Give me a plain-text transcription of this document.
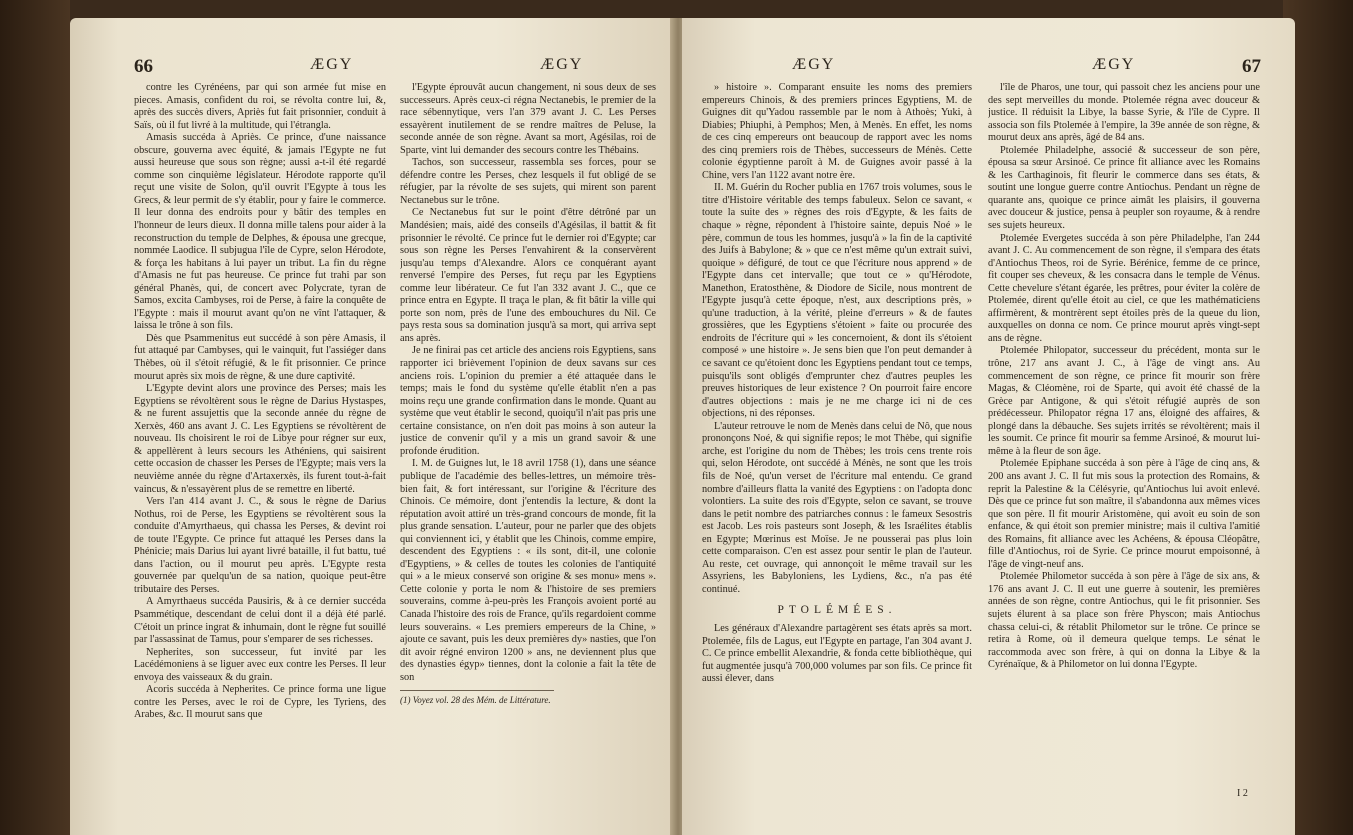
66	ÆGY	ÆGY

contre les Cyrénéens, par qui son armée fut mise en pieces. Amasis, confident du roi, se révolta contre lui, &, après des succès divers, Apriès fut fait prisonnier, conduit à Saïs, où il fut livré à la multitude, qui l'étrangla.

Amasis succéda à Apriès. Ce prince, d'une naissance obscure, gouverna avec équité, & jamais l'Egypte ne fut aussi heureuse que sous son règne; aussi a-t-il été regardé comme son cinquième législateur. Hérodote rapporte qu'il reçut une visite de Solon, qu'il ouvrit l'Egypte à tous les Grecs, & leur permit de s'y établir, pour y faire le commerce. Il leur donna des endroits pour y bâtir des temples en l'honneur de leurs dieux. Il donna mille talens pour aider à la reconstruction du temple de Delphes, & épousa une grecque, nommée Laodice. Il subjugua l'île de Cypre, selon Hérodote, & força les habitans à lui payer un tribut. La fin du règne d'Amasis ne fut pas heureuse. Ce prince fut trahi par son général Phanès, qui, de concert avec Polycrate, tyran de Samos, excita Cambyses, roi de Perse, à faire la conquête de l'Egypte : mais il mourut avant qu'on ne vînt l'attaquer, & laissa le trône à son fils.

Dès que Psammenitus eut succédé à son père Amasis, il fut attaqué par Cambyses, qui le vainquit, fut l'assiéger dans Thèbes, où il s'étoit réfugié, & le fit prisonnier. Ce prince mourut après six mois de règne, & une dure captivité.

L'Egypte devint alors une province des Perses; mais les Egyptiens se révoltèrent sous le règne de Darius Hystaspes, & ne furent assujettis que la seconde année du règne de Xerxès, 460 ans avant J. C. Les Egyptiens se révoltèrent de nouveau. Ils choisirent le roi de Libye pour régner sur eux, & appellèrent à leurs secours les Athéniens, qui saisirent cette occasion de chasser les Perses de l'Egypte; mais vers la neuvième année du règne d'Artaxerxès, ils furent tout-à-fait vaincus, & n'essayèrent plus de se remettre en liberté.

Vers l'an 414 avant J. C., & sous le règne de Darius Nothus, roi de Perse, les Egyptiens se révoltèrent sous la conduite d'Amyrthaeus, qui chassa les Perses, & devint roi de toute l'Egypte. Ce prince fut attaqué les Perses dans la Phénicie; mais Darius lui ayant livré bataille, il fut battu, tué dans l'action, ou il mourut peu après. L'Egypte resta gouvernée par quelqu'un de sa nation, quoique peut-être tributaire des Perses.

A Amyrthaeus succéda Pausiris, & à ce dernier succéda Psammétique, descendant de celui dont il a déjà été parlé. C'étoit un prince ingrat & inhumain, dont le règne fut souillé par l'assassinat de Tamus, pour s'emparer de ses richesses.

Nepherites, son successeur, fut invité par les Lacédémoniens à se liguer avec eux contre les Perses. Il leur envoya des vaisseaux & du grain.

Acoris succéda à Nepherites. Ce prince forma une ligue contre les Perses, avec le roi de Cypre, les Tyriens, des Arabes, &c. Il mourut sans que

l'Egypte éprouvât aucun changement, ni sous deux de ses successeurs. Après ceux-ci régna Nectanebis, le premier de la race sébennytique, vers l'an 379 avant J. C. Les Perses essayèrent inutilement de se rendre maîtres de Peluse, la seconde année de son règne. Avant sa mort, Agésilas, roi de Sparte, vint lui demander des secours contre les Thébains.

Tachos, son successeur, rassembla ses forces, pour se défendre contre les Perses, chez lesquels il fut obligé de se réfugier, par la révolte de ses sujets, qui mirent son parent Nectanebus sur le trône.

Ce Nectanebus fut sur le point d'être détrôné par un Mandésien; mais, aidé des conseils d'Agésilas, il battit & fit prisonnier le révolté. Ce prince fut le dernier roi d'Egypte; car sous son règne les Perses l'envahirent & la conservèrent jusqu'au temps d'Alexandre. Alors ce conquérant ayant renversé l'empire des Perses, fut reçu par les Egyptiens comme leur libérateur. Ce fut l'an 332 avant J. C., que ce prince entra en Egypte. Il traça le plan, & fit bâtir la ville qui porte son nom, près de l'une des embouchures du Nil. Ce pays resta sous sa domination jusqu'à sa mort, qui arriva sept ans après.

Je ne finirai pas cet article des anciens rois Egyptiens, sans rapporter ici brièvement l'opinion de deux savans sur ces anciens rois. L'opinion du premier a été attaquée dans le temps; mais le fond du système qu'elle établit n'en a pas moins reçu une grande confirmation dans le monde. Quant au système que veut établir le second, quoiqu'il n'ait pas pris une certaine consistance, on n'en doit pas moins à son auteur la justice de convenir qu'il y a mis un grand savoir & une profonde érudition.

I. M. de Guignes lut, le 18 avril 1758 (1), dans une séance publique de l'académie des belles-lettres, un mémoire très-bien fait, & fort intéressant, sur l'origine & l'écriture des Chinois. Ce mémoire, dont j'entendis la lecture, & dont la réputation avoit attiré un très-grand concours de monde, fit la plus grande sensation. L'auteur, pour ne parler que des objets qui conviennent ici, y établit que les Chinois, comme empire, descendent des Egyptiens : « ils sont, dit-il, une colonie d'Egyptiens, » & celles de toutes les colonies de l'antiquité qui » a le mieux conservé son origine & ses monu» mens ». Cette colonie y porta le nom & l'histoire de ses premiers souverains, comme à-peu-près les François avoient porté au Canada l'histoire des rois de France, qu'ils regardoient comme leurs souverains. « Les premiers empereurs de la Chine, » ajoute ce savant, puis les deux premières dy» nasties, que l'on dit avoir régné environ 1200 » ans, ne deviennent plus que des dynasties égyp» tiennes, dont la colonie a fait la tête de son

(1) Voyez vol. 28 des Mém. de Littérature.

ÆGY	ÆGY	67

» histoire ». Comparant ensuite les noms des premiers empereurs Chinois, & des premiers princes Egyptiens, M. de Guignes dit qu'Yadou rassemble par le nom à Athoès; Yuki, à Diabies; Phiuphi, à Pemphos; Men, à Menès. En effet, les noms de ces cinq empereurs ont beaucoup de rapport avec les noms des cinq premiers rois de Thèbes, successeurs de Ménès. Cette colonie égyptienne paroît à M. de Guignes avoir passé à la Chine, vers l'an 1122 avant notre ère.

II. M. Guérin du Rocher publia en 1767 trois volumes, sous le titre d'Histoire véritable des temps fabuleux. Selon ce savant, « toute la suite des » règnes des rois d'Egypte, & les faits de chaque » règne, répondent à l'histoire sainte, depuis Noé » le père, commun de tous les hommes, jusqu'à » la fin de la captivité des Juifs à Babylone; & » que ce n'est même qu'un extrait suivi, quoique » défiguré, de tout ce que l'écriture nous apprend » de l'Egypte dans cet intervalle; que tout ce » qu'Hérodote, Manethon, Eratosthène, & Diodore de Sicile, nous montrent de l'Egypte jusqu'à cette époque, n'est, aux descriptions près, » qu'une traduction, à la vérité, pleine d'erreurs » & de fautes grossières, que les Egyptiens s'étoient » faite ou procurée des endroits de l'écriture qui » les concernoient, & dont ils s'étoient composé » une histoire ». Je sens bien que l'on peut demander à ce savant ce qu'étoient donc les Egyptiens pendant tout ce temps, puisqu'ils sont obligés d'emprunter chez d'autres peuples les preuves historiques de leur existence ? On pourroit faire encore d'autres objections : mais je ne me charge ici ni de ces objections, ni des réponses.

L'auteur retrouve le nom de Menès dans celui de Nô, que nous prononçons Noé, & qui signifie repos; le mot Thèbe, qui signifie arche, est l'origine du nom de Thèbes; les trois cens trente rois qui, selon Hérodote, ont succédé à Ménès, ne sont que les trois fils de Noé, qu'un verset de l'écriture mal entendu. Ce grand nombre d'ailleurs flatta la vanité des Egyptiens : on l'adopta donc volontiers. La suite des rois d'Egypte, selon ce savant, se trouve dans le petit nombre des patriarches connus : le fameux Sesostris est Jacob. Les rois pasteurs sont Joseph, & les Israélites établis en Egypte; Mœrinus est Moïse. Je ne pousserai pas plus loin cette comparaison. C'en est assez pour sentir le plan de l'auteur. Au reste, cet ouvrage, qui annonçoit le même travail sur les Assyriens, les Babyloniens, les Lydiens, &c., n'a pas été continué.

PTOLÉMÉES.

Les généraux d'Alexandre partagèrent ses états après sa mort. Ptolemée, fils de Lagus, eut l'Egypte en partage, l'an 304 avant J. C. Ce prince embellit Alexandrie, & fonda cette bibliothèque, qui fut augmentée jusqu'à 700,000 volumes par son fils. Ce prince fit aussi élever, dans

l'île de Pharos, une tour, qui passoit chez les anciens pour une des sept merveilles du monde. Ptolemée régna avec douceur & justice. Il réduisit la Libye, la basse Syrie, & l'île de Cypre. Il associa son fils Ptolemée à l'empire, la 39e année de son règne, & mourut deux ans après, âgé de 84 ans.

Ptolemée Philadelphe, associé & successeur de son père, épousa sa sœur Arsinoé. Ce prince fit alliance avec les Romains & les Carthaginois, fit fleurir le commerce dans ses états, & soutint une longue guerre contre Antiochus. Pendant un règne de quarante ans, quoique ce prince aimât les plaisirs, il gouverna avec douceur & justice, pensa à peupler son royaume, & à rendre ses sujets heureux.

Ptolemée Evergetes succéda à son père Philadelphe, l'an 244 avant J. C. Au commencement de son règne, il s'empara des états d'Antiochus Theos, roi de Syrie. Bérénice, femme de ce prince, fit couper ses cheveux, & les consacra dans le temple de Vénus. Cette chevelure s'étant égarée, les prêtres, pour éviter la colère de Ptolemée, dirent qu'elle étoit au ciel, ce que les mathématiciens affirmèrent, & montrèrent sept étoiles près de la queue du lion, auxquelles on donna ce nom. Ce prince mourut après vingt-sept ans de règne.

Ptolemée Philopator, successeur du précédent, monta sur le trône, 217 ans avant J. C., à l'âge de vingt ans. Au commencement de son règne, ce prince fit mourir son frère Magas, & Cléomène, roi de Sparte, qui avoit été chassé de la Grèce par Antigone, & qui s'étoit réfugié auprès de son prédécesseur. Philopator régna 17 ans, éloigné des affaires, & plongé dans la débauche. Ses sujets irrités se révoltèrent; mais il les soumit. Ce prince fit mourir sa femme Arsinoé, & mourut lui-même à la fleur de son âge.

Ptolemée Epiphane succéda à son père à l'âge de cinq ans, & 200 ans avant J. C. Il fut mis sous la protection des Romains, & reprit la Palestine & la Célésyrie, qu'Antiochus lui avoit enlevé. Dès que ce prince fut son maître, il s'abandonna aux mêmes vices que son père. Il fit mourir Aristomène, qui avoit eu soin de son enfance, & qui étoit son premier ministre; mais il cultiva l'amitié des Romains, fit alliance avec les Achéens, & épousa Cléopâtre, fille d'Antiochus, roi de Syrie. Ce prince mourut empoisonné, à l'âge de vingt-neuf ans.

Ptolemée Philometor succéda à son père à l'âge de six ans, & 176 ans avant J. C. Il eut une guerre à soutenir, les premières années de son règne, contre Antiochus, qui le fit prisonnier. Ses sujets élurent à sa place son frère Physcon; mais Antiochus chassa celui-ci, & rétablit Philometor sur le trône. Ce prince se retira à Rome, où il demeura quelque temps. Le sénat le raccommoda avec son frère, à qui on donna la Libye & la Cyrénaïque, & à Philometor on lui donna l'Egypte.

I 2
